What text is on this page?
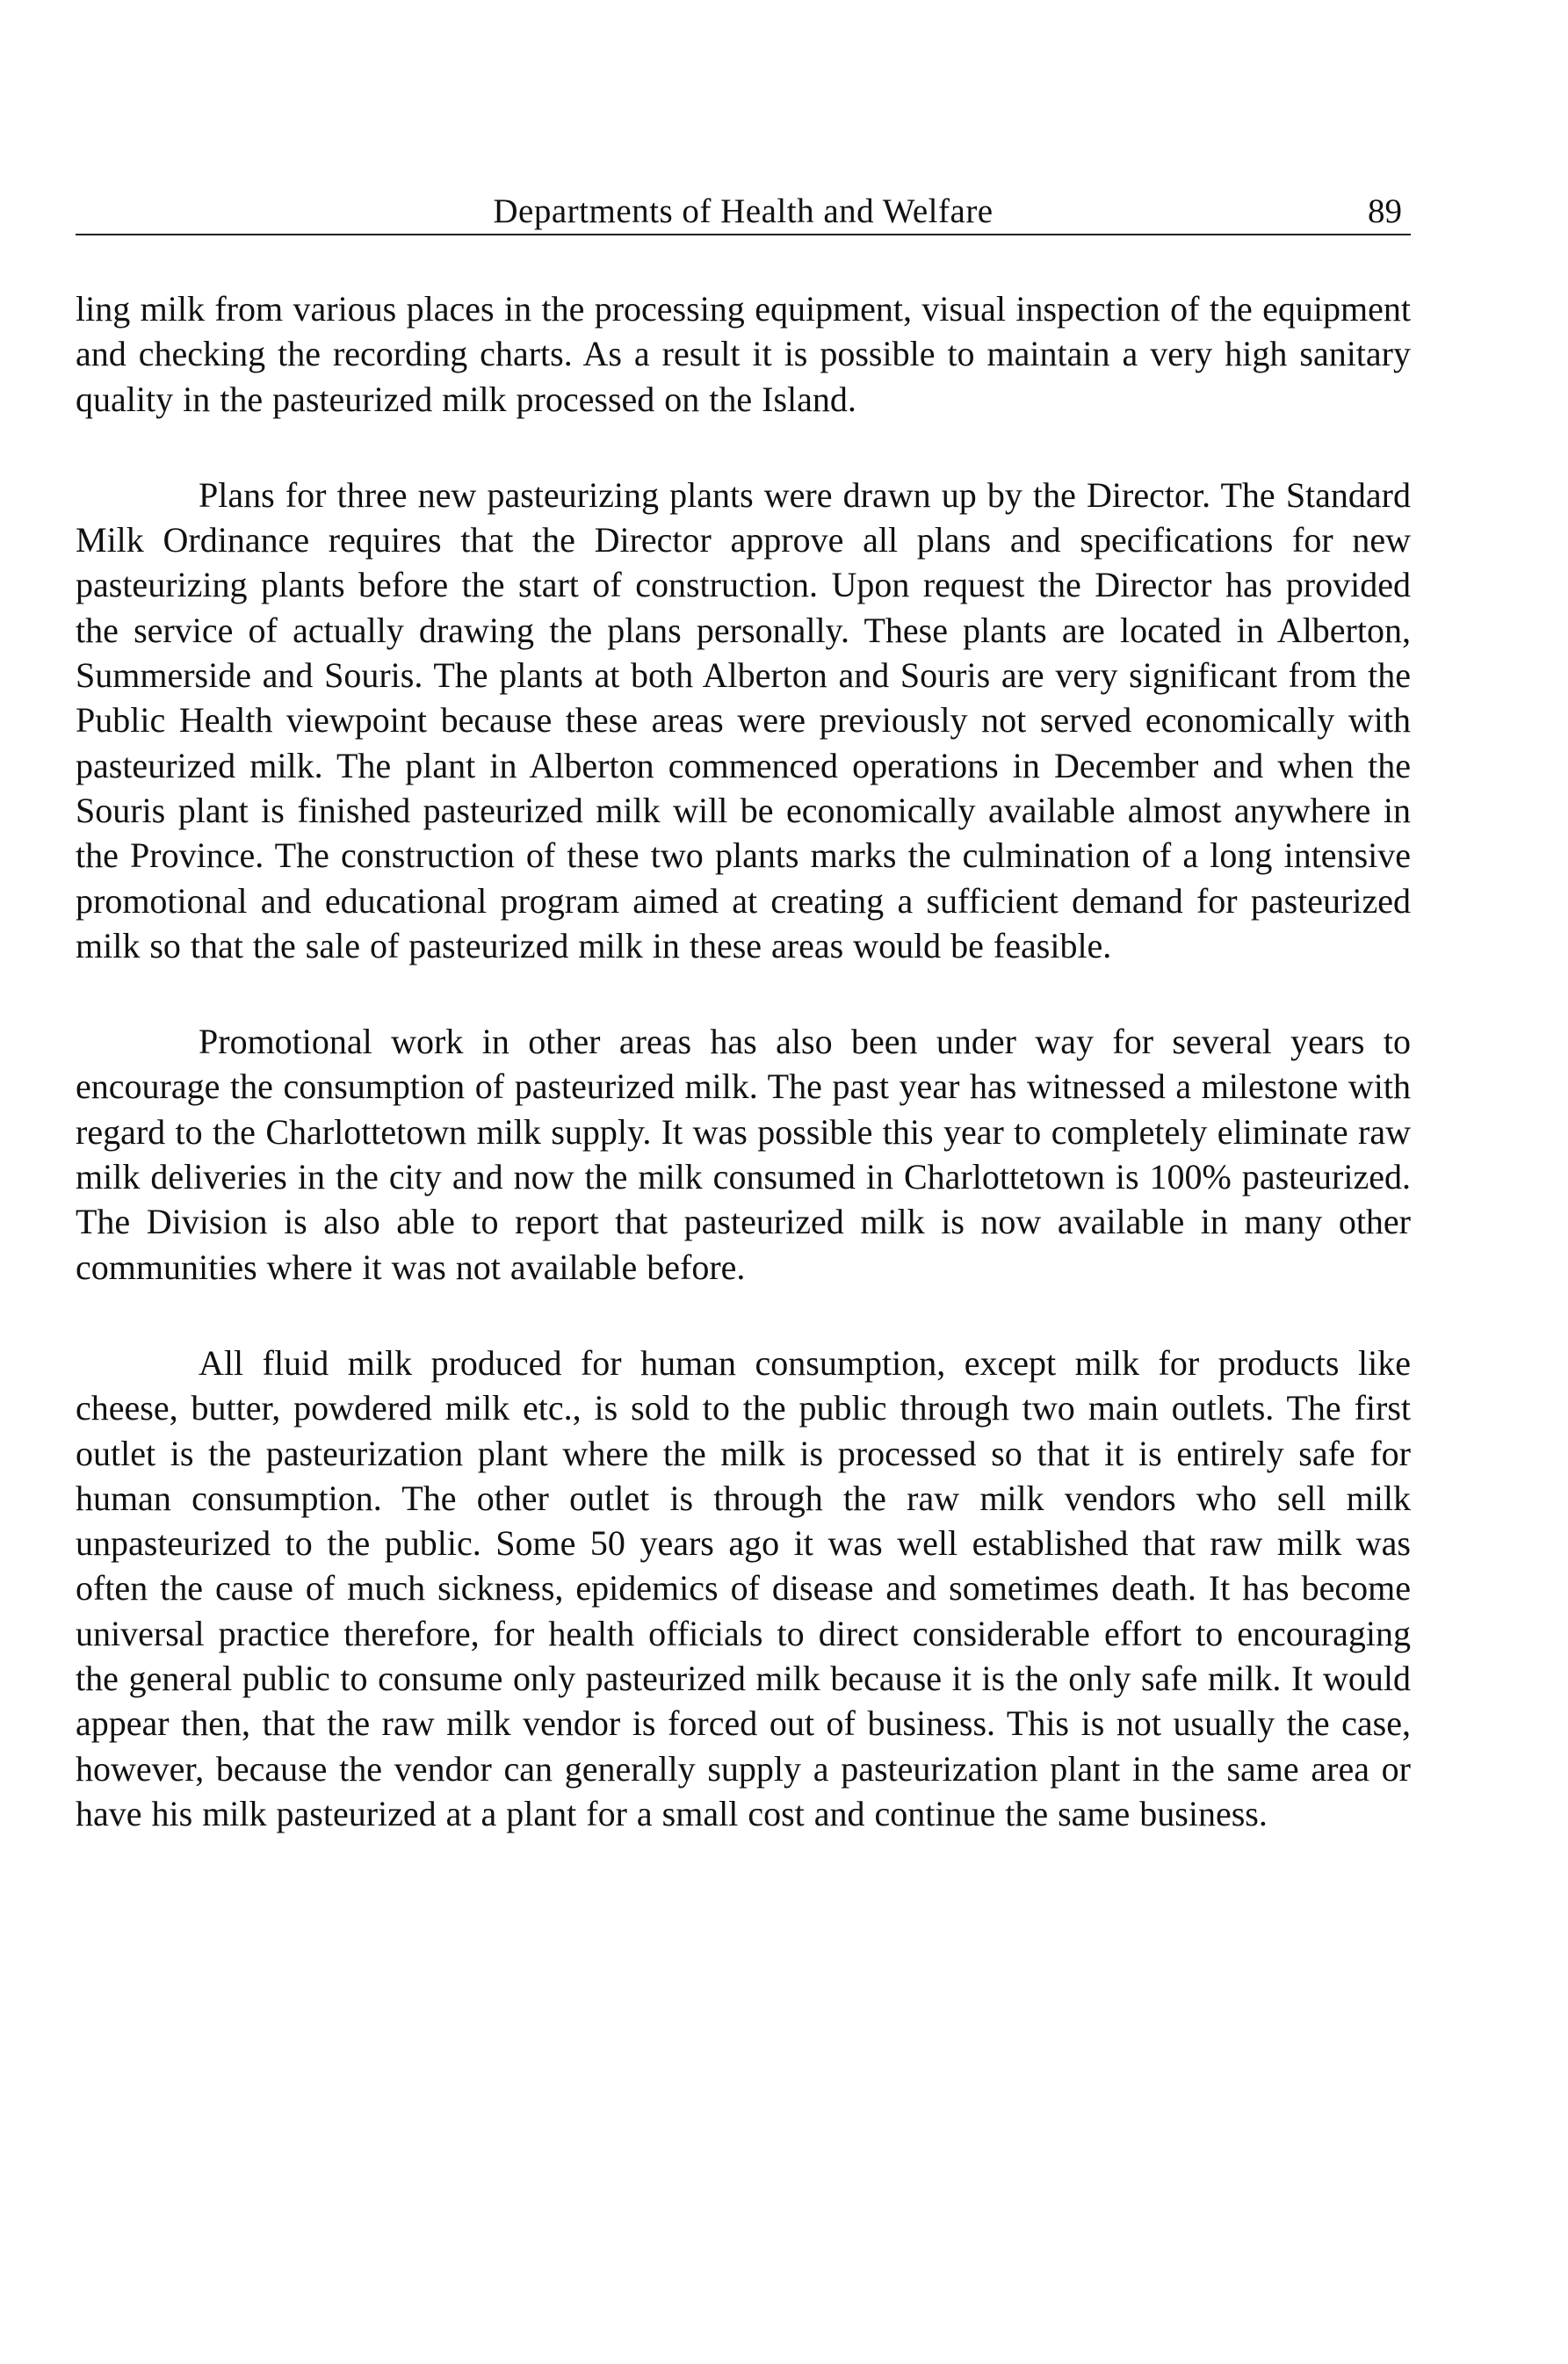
Departments of Health and Welfare	89

ling milk from various places in the processing equipment, visual inspection of the equipment and checking the recording charts. As a result it is possible to maintain a very high sanitary quality in the pasteurized milk processed on the Island.

Plans for three new pasteurizing plants were drawn up by the Director. The Standard Milk Ordinance requires that the Director approve all plans and specifications for new pasteurizing plants before the start of construction. Upon request the Director has provided the service of actually drawing the plans personally. These plants are located in Alberton, Summerside and Souris. The plants at both Alberton and Souris are very significant from the Public Health viewpoint because these areas were previously not served economically with pasteurized milk. The plant in Alberton commenced operations in December and when the Souris plant is finished pasteurized milk will be economically available almost anywhere in the Province. The construction of these two plants marks the culmination of a long intensive promotional and educational program aimed at creating a sufficient demand for pasteurized milk so that the sale of pasteurized milk in these areas would be feasible.

Promotional work in other areas has also been under way for several years to encourage the consumption of pasteurized milk. The past year has witnessed a milestone with regard to the Charlottetown milk supply. It was possible this year to completely eliminate raw milk deliveries in the city and now the milk consumed in Charlottetown is 100% pasteurized. The Division is also able to report that pasteurized milk is now available in many other communities where it was not available before.

All fluid milk produced for human consumption, except milk for products like cheese, butter, powdered milk etc., is sold to the public through two main outlets. The first outlet is the pasteurization plant where the milk is processed so that it is entirely safe for human consumption. The other outlet is through the raw milk vendors who sell milk unpasteurized to the public. Some 50 years ago it was well established that raw milk was often the cause of much sickness, epidemics of disease and sometimes death. It has become universal practice therefore, for health officials to direct considerable effort to encouraging the general public to consume only pasteurized milk because it is the only safe milk. It would appear then, that the raw milk vendor is forced out of business. This is not usually the case, however, because the vendor can generally supply a pasteurization plant in the same area or have his milk pasteurized at a plant for a small cost and continue the same business.
